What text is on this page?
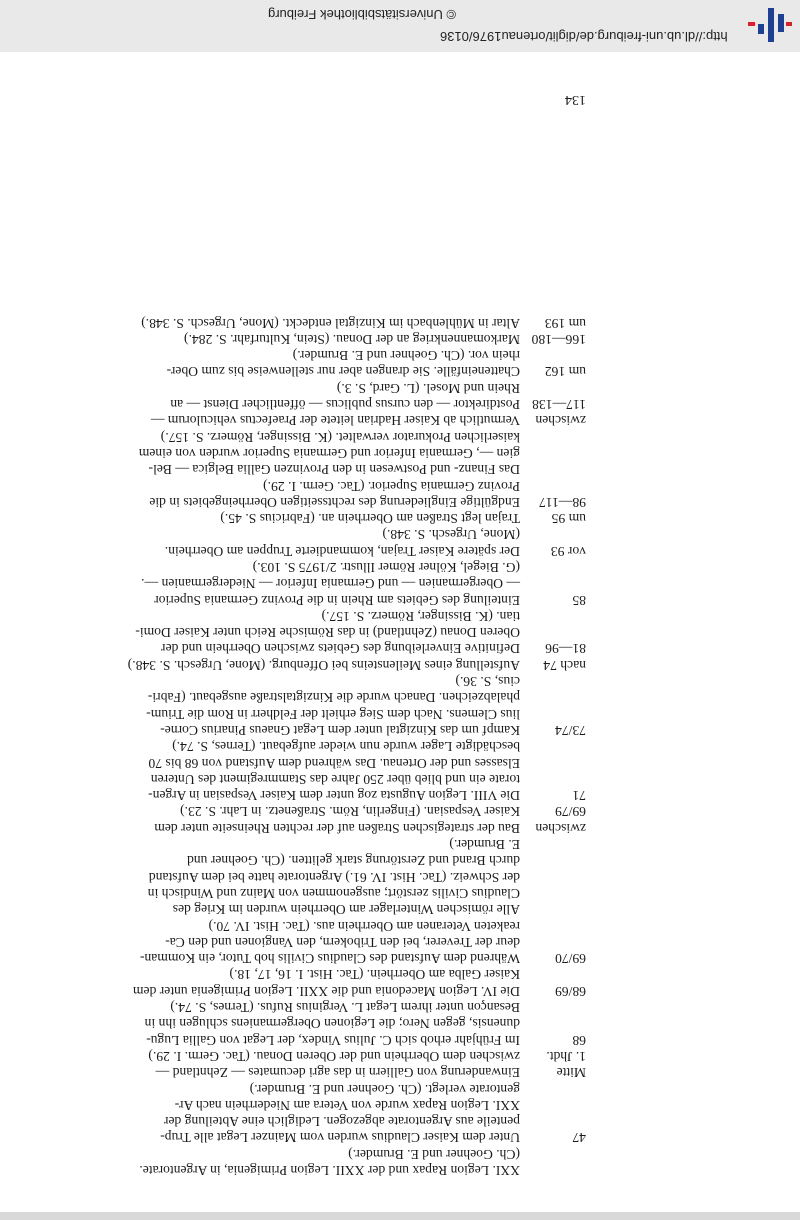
http://dl.ub.uni-freiburg.de/diglit/ortenau1976/0136
© Universitätsbibliothek Freiburg
XXI. Legion Rapax und der XXII. Legion Primigenia, in Argentorate.
(Ch. Goehner und E. Brumder.)
47
Unter dem Kaiser Claudius wurden vom Mainzer Legat alle Trup-
penteile aus Argentorate abgezogen. Lediglich eine Abteilung der
XXI. Legion Rapax wurde von Vetera am Niederrhein nach Ar-
gentorate verlegt. (Ch. Goehner und E. Brumder.)
Mitte
Einwanderung von Galliern in das agri decumates — Zehntland —
1. Jhdt.
zwischen dem Oberrhein und der Oberen Donau. (Tac. Germ. I. 29.)
68
Im Frühjahr erhob sich C. Julius Vindex, der Legat von Gallia Lugu-
dunensis, gegen Nero; die Legionen Obergermaniens schlugen ihn in
Besançon unter ihrem Legat L. Verginius Rufus. (Ternes, S. 74.)
68/69
Die IV. Legion Macedonia und die XXII. Legion Primigenia unter dem
Kaiser Galba am Oberrhein. (Tac. Hist. I. 16, 17, 18.)
69/70
Während dem Aufstand des Claudius Civilis hob Tutor, ein Komman-
deur der Treverer, bei den Tribokern, den Vangionen und den Ca-
reaketen Veteranen am Oberrhein aus. (Tac. Hist. IV. 70.)
Alle römischen Winterlager am Oberrhein wurden im Krieg des
Claudius Civilis zerstört; ausgenommen von Mainz und Windisch in
der Schweiz. (Tac. Hist. IV. 61.) Argentorate hatte bei dem Aufstand
durch Brand und Zerstörung stark gelitten. (Ch. Goehner und
E. Brumder.)
zwischen
Bau der strategischen Straßen auf der rechten Rheinseite unter dem
69/79
Kaiser Vespasian. (Fingerlin, Röm. Straßenetz. in Lahr. S. 23.)
71
Die VIII. Legion Augusta zog unter dem Kaiser Vespasian in Argen-
torate ein und blieb über 250 Jahre das Stammregiment des Unteren
Elsasses und der Ortenau. Das während dem Aufstand von 68 bis 70
beschädigte Lager wurde nun wieder aufgebaut. (Ternes, S. 74.)
73/74
Kampf um das Kinzigtal unter dem Legat Gnaeus Pinarius Corne-
lius Clemens. Nach dem Sieg erhielt der Feldherr in Rom die Trium-
phalabzeichen. Danach wurde die Kinzigtalstraße ausgebaut. (Fabri-
cius, S. 36.)
nach 74
Aufstellung eines Meilensteins bei Offenburg. (Mone, Urgesch. S. 348.)
81—96
Definitive Einverleibung des Gebiets zwischen Oberrhein und der
Oberen Donau (Zehntland) in das Römische Reich unter Kaiser Domi-
tian. (K. Bissinger, Römerz. S. 157.)
85
Einteilung des Gebiets am Rhein in die Provinz Germania Superior
— Obergermanien — und Germania Inferior — Niedergermanien —.
(G. Biegel, Kölner Römer Illustr. 2/1975 S. 103.)
vor 93
Der spätere Kaiser Trajan, kommandierte Truppen am Oberrhein.
(Mone, Urgesch. S. 348.)
um 95
Trajan legt Straßen am Oberrhein an. (Fabricius S. 45.)
98—117
Endgültige Eingliederung des rechtsseitigen Oberrheingebiets in die
Provinz Germania Superior. (Tac. Germ. I. 29.)
Das Finanz- und Postwesen in den Provinzen Gallia Belgica — Bel-
gien —, Germania Inferior und Germania Superior wurden von einem
kaiserlichen Prokurator verwaltet. (K. Bissinger, Römerz. S. 157.)
zwischen
Vermutlich ab Kaiser Hadrian leitete der Praefectus vehiculorum —
117—138
Postdirektor — den cursus publicus — öffentlicher Dienst — an
Rhein und Mosel. (L. Gard, S. 3.)
um 162
Chatteneinfälle. Sie drangen aber nur stellenweise bis zum Ober-
rhein vor. (Ch. Goehner und E. Brumder.)
166—180
Markomannenkrieg an der Donau. (Stein, Kulturfahr. S. 284.)
um 193
Altar in Mühlenbach im Kinzigtal entdeckt. (Mone, Urgesch. S. 348.)
134
